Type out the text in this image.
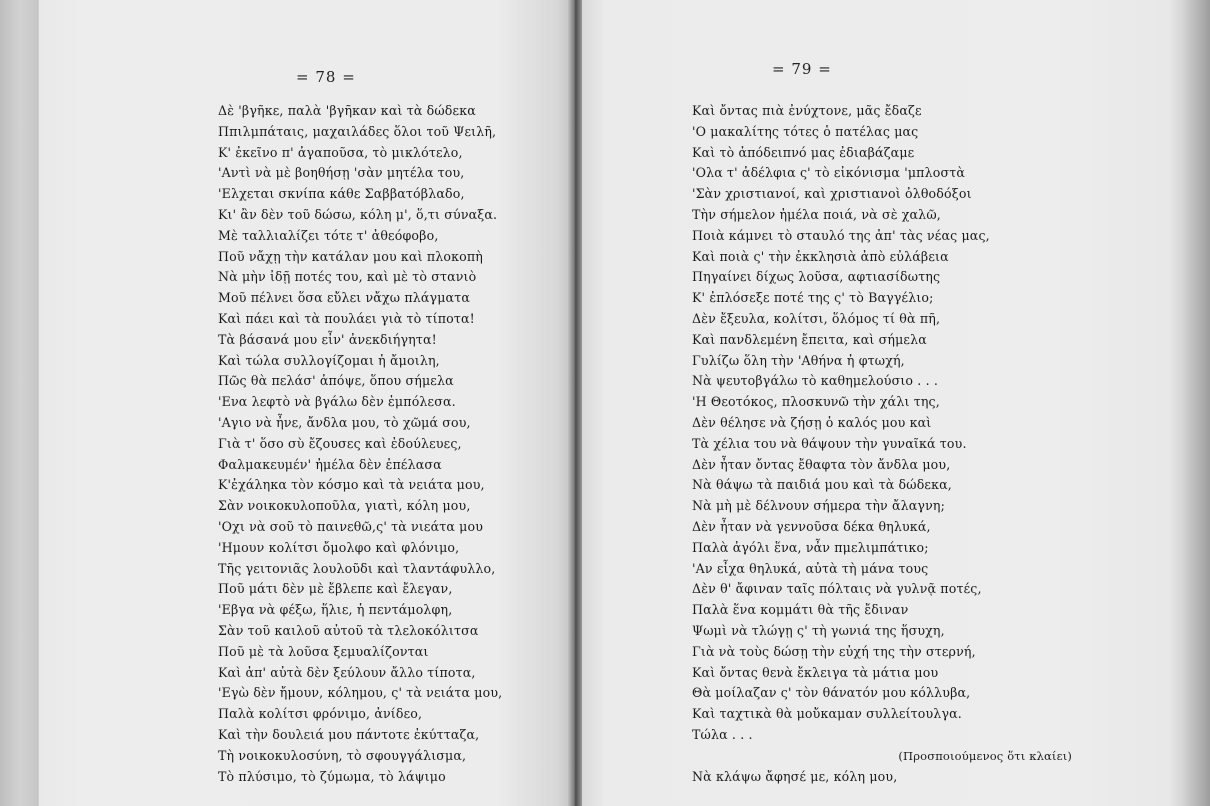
= 78 =
Δὲ 'βγῆκε, παλὰ 'βγῆκαν καὶ τὰ δώδεκα
Ππιλμπάταις, μαχαιλάδες ὅλοι τοῦ Ψειλῆ,
Κ' ἐκεῖνο π' ἀγαποῦσα, τὸ μικλότελο,
'Αντὶ νὰ μὲ βοηθήσῃ 'σὰν μητέλα του,
'Ελχεται σκνίπα κάθε Σαββατόβλαδο,
Κι' ἂν δὲν τοῦ δώσω, κόλη μ', ὅ,τι σύναξα.
Μὲ ταλλιαλίζει τότε τ' ἀθεόφοβο,
Ποῦ νἄχῃ τὴν κατάλαν μου καὶ πλοκοπὴ
Νὰ μὴν ἰδῇ ποτές του, καὶ μὲ τὸ στανιὸ
Μοῦ πέλνει ὅσα εὔλει νἄχω πλάγματα
Καὶ πάει καὶ τὰ πουλάει γιὰ τὸ τίποτα!
Τὰ βάσανά μου εἶν' ἀνεκδιήγητα!
Καὶ τώλα συλλογίζομαι ἡ ἄμοιλη,
Πῶς θὰ πελάσ' ἀπόψε, ὅπου σήμελα
'Ενα λεφτὸ νὰ βγάλω δὲν ἐμπόλεσα.
'Αγιο νὰ ἦνε, ἄνδλα μου, τὸ χῶμά σου,
Γιὰ τ' ὅσο σὺ ἔζουσες καὶ ἐδούλευες,
Φαλμακευμέν' ἠμέλα δὲν ἐπέλασα
Κ'ἐχάληκα τὸν κόσμο καὶ τὰ νειάτα μου,
Σὰν νοικοκυλοποῦλα, γιατὶ, κόλη μου,
'Οχι νὰ σοῦ τὸ παινεθῶ,ς' τὰ νιεάτα μου
'Ημουν κολίτσι ὄμολφο καὶ φλόνιμο,
Τῆς γειτονιᾶς λουλοῦδι καὶ τλαντάφυλλο,
Ποῦ μάτι δὲν μὲ ἔβλεπε καὶ ἔλεγαν,
'Εβγα νὰ φέξω, ἥλιε, ἡ πεντάμολφη,
Σὰν τοῦ καιλοῦ αὐτοῦ τὰ τλελοκόλιτσα
Ποῦ μὲ τὰ λοῦσα ξεμυαλίζονται
Καὶ ἀπ' αὐτὰ δὲν ξεύλουν ἄλλο τίποτα,
'Εγὼ δὲν ἤμουν, κόλημου, ς' τὰ νειάτα μου,
Παλὰ κολίτσι φρόνιμο, ἀνίδεο,
Καὶ τὴν δουλειά μου πάντοτε ἐκύτταζα,
Τὴ νοικοκυλοσύνη, τὸ σφουγγάλισμα,
Τὸ πλύσιμο, τὸ ζύμωμα, τὸ λάψιμο
= 79 =
Καὶ ὄντας πιὰ ἐνύχτονε, μᾶς ἔδαζε
'Ο μακαλίτης τότες ὁ πατέλας μας
Καὶ τὸ ἀπόδειπνό μας ἐδιαβάζαμε
'Ολα τ' ἀδέλφια ς' τὸ εἰκόνισμα 'μπλοστὰ
'Σὰν χριστιανοί, καὶ χριστιανοὶ ὀλθοδόξοι
Τὴν σήμελον ἠμέλα ποιά, νὰ σὲ χαλῶ,
Ποιὰ κάμνει τὸ σταυλό της ἀπ' τὰς νέας μας,
Καὶ ποιὰ ς' τὴν ἐκκλησιὰ ἀπὸ εὐλάβεια
Πηγαίνει δίχως λοῦσα, αφτιασίδωτης
Κ' ἐπλόσεξε ποτέ της ς' τὸ Βαγγέλιο;
Δὲν ἔξευλα, κολίτσι, ὅλόμος τί θὰ πῆ,
Καὶ πανδλεμένη ἔπειτα, καὶ σήμελα
Γυλίζω ὅλη τὴν 'Αθήνα ἡ φτωχή,
Νὰ ψευτοβγάλω τὸ καθημελούσιο . . .
'Η Θεοτόκος, πλοσκυνῶ τὴν χάλι της,
Δὲν θέλησε νὰ ζήσῃ ὁ καλός μου καὶ
Τὰ χέλια του νὰ θάψουν τὴν γυναῖκά του.
Δὲν ἦταν ὄντας ἔθαφτα τὸν ἄνδλα μου,
Νὰ θάψω τὰ παιδιά μου καὶ τὰ δώδεκα,
Νὰ μὴ μὲ δέλνουν σήμερα τὴν ἄλαγνη;
Δὲν ἦταν νὰ γεννοῦσα δέκα θηλυκά,
Παλὰ ἀγόλι ἕνα, νἆν πμελιμπάτικο;
'Αν εἶχα θηλυκά, αὐτὰ τὴ μάνα τους
Δὲν θ' ἄφιναν ταῖς πόλταις νὰ γυλνᾷ ποτές,
Παλὰ ἕνα κομμάτι θὰ τῆς ἔδιναν
Ψωμὶ νὰ τλώγῃ ς' τὴ γωνιά της ἥσυχη,
Γιὰ νὰ τοὺς δώσῃ τὴν εὐχή της τὴν στερνή,
Καὶ ὄντας θενὰ ἔκλειγα τὰ μάτια μου
Θὰ μοίλαζαν ς' τὸν θάνατόν μου κόλλυβα,
Καὶ ταχτικὰ θὰ μοὔκαμαν συλλείτουλγα.
Τώλα . . .
(Προσποιούμενος ὅτι κλαίει)
Νὰ κλάψω ἄφησέ με, κόλη μου,
